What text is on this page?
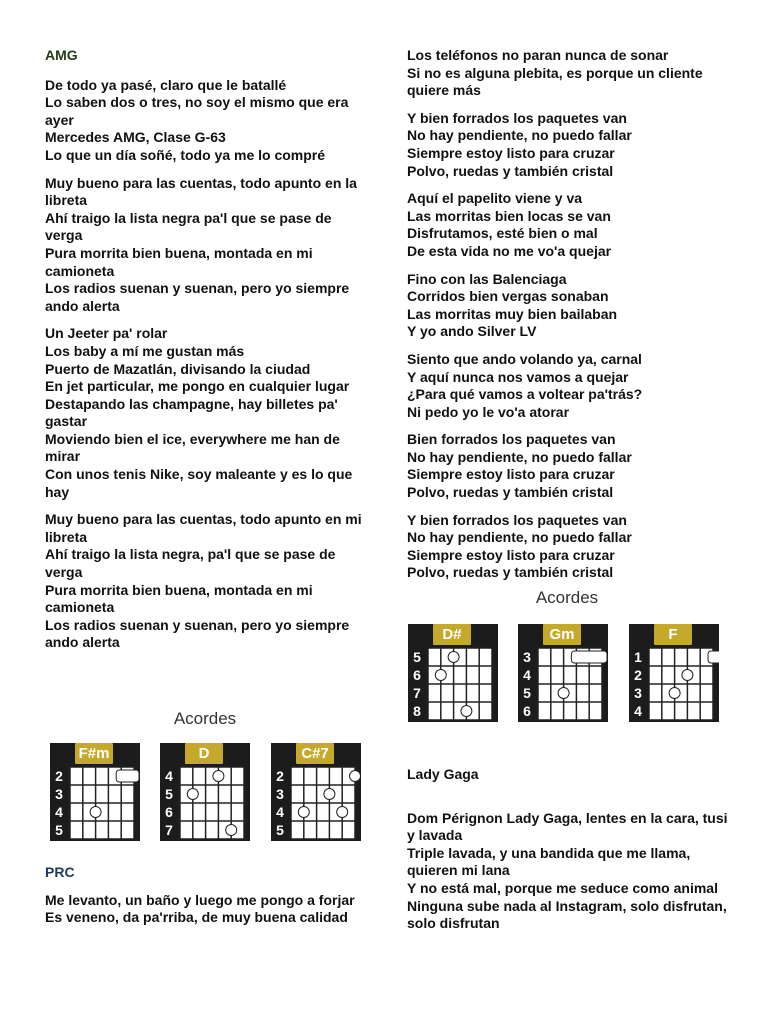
AMG

De todo ya pasé, claro que le batallé

Lo saben dos o tres, no soy el mismo que era ayer

Mercedes AMG, Clase G-63

Lo que un día soñé, todo ya me lo compré

Muy bueno para las cuentas, todo apunto en la libreta

Ahí traigo la lista negra pa'l que se pase de verga

Pura morrita bien buena, montada en mi camioneta

Los radios suenan y suenan, pero yo siempre ando alerta

Un Jeeter pa' rolar

Los baby a mí me gustan más

Puerto de Mazatlán, divisando la ciudad

En jet particular, me pongo en cualquier lugar

Destapando las champagne, hay billetes pa' gastar

Moviendo bien el ice, everywhere me han de mirar

Con unos tenis Nike, soy maleante y es lo que hay

Muy bueno para las cuentas, todo apunto en mi libreta

Ahí traigo la lista negra, pa'l que se pase de verga

Pura morrita bien buena, montada en mi camioneta

Los radios suenan y suenan, pero yo siempre ando alerta

Acordes
F#m
2
3
4
5
D
4
5
6
7
C#7
2
3
4
5
PRC

Me levanto, un baño y luego me pongo a forjar

Es veneno, da pa'rriba, de muy buena calidad

Los teléfonos no paran nunca de sonar

Si no es alguna plebita, es porque un cliente quiere más

Y bien forrados los paquetes van

No hay pendiente, no puedo fallar

Siempre estoy listo para cruzar

Polvo, ruedas y también cristal

Aquí el papelito viene y va

Las morritas bien locas se van

Disfrutamos, esté bien o mal

De esta vida no me vo'a quejar

Fino con las Balenciaga

Corridos bien vergas sonaban

Las morritas muy bien bailaban

Y yo ando Silver LV

Siento que ando volando ya, carnal

Y aquí nunca nos vamos a quejar

¿Para qué vamos a voltear pa'trás?

Ni pedo yo le vo'a atorar

Bien forrados los paquetes van

No hay pendiente, no puedo fallar

Siempre estoy listo para cruzar

Polvo, ruedas y también cristal

Y bien forrados los paquetes van

No hay pendiente, no puedo fallar

Siempre estoy listo para cruzar

Polvo, ruedas y también cristal

Acordes
D#
5
6
7
8
Gm
3
4
5
6
F
1
2
3
4
Lady Gaga

Dom Pérignon Lady Gaga, lentes en la cara, tusi y lavada

Triple lavada, y una bandida que me llama, quieren mi lana

Y no está mal, porque me seduce como animal

Ninguna sube nada al Instagram, solo disfrutan, solo disfrutan
